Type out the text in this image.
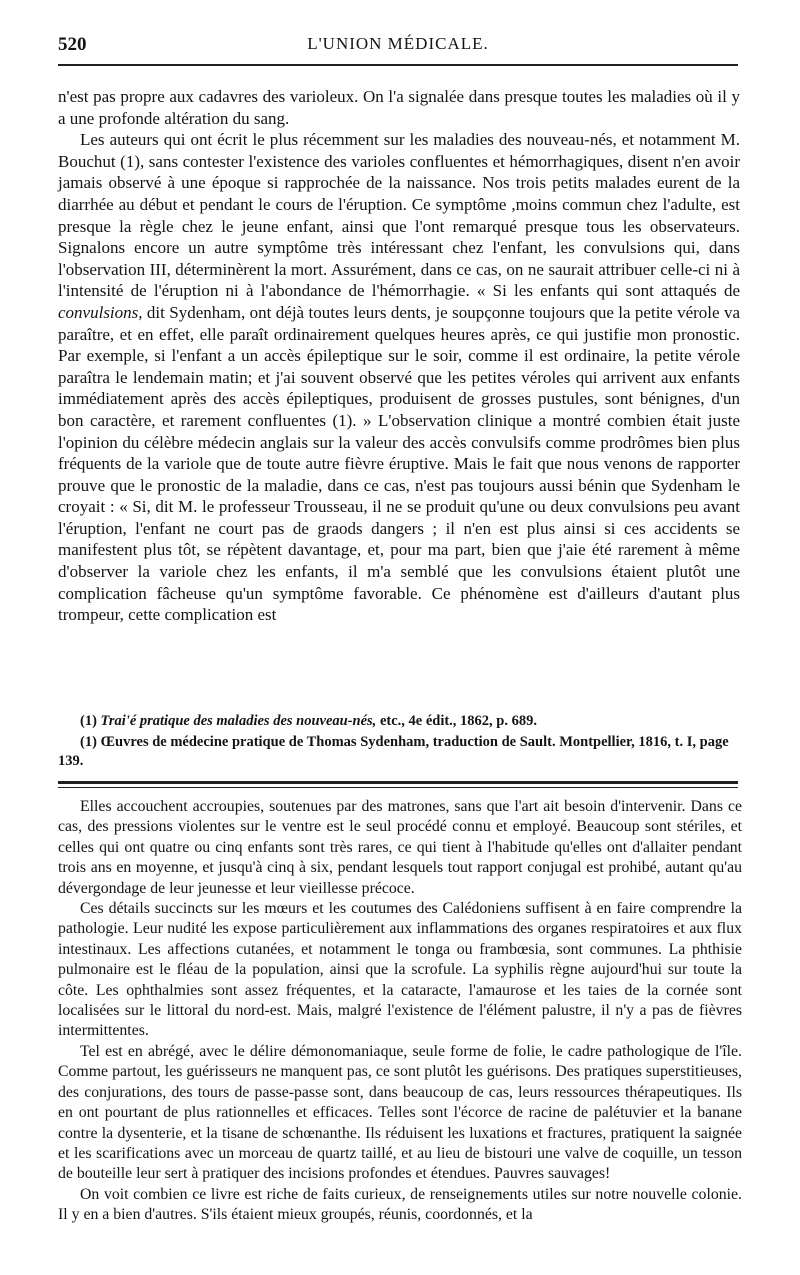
520	L'UNION MÉDICALE.

n'est pas propre aux cadavres des varioleux. On l'a signalée dans presque toutes les maladies où il y a une profonde altération du sang.

Les auteurs qui ont écrit le plus récemment sur les maladies des nouveau-nés, et notamment M. Bouchut (1), sans contester l'existence des varioles confluentes et hémorrhagiques, disent n'en avoir jamais observé à une époque si rapprochée de la naissance. Nos trois petits malades eurent de la diarrhée au début et pendant le cours de l'éruption. Ce symptôme ,moins commun chez l'adulte, est presque la règle chez le jeune enfant, ainsi que l'ont remarqué presque tous les observateurs. Signalons encore un autre symptôme très intéressant chez l'enfant, les convulsions qui, dans l'observation III, déterminèrent la mort. Assurément, dans ce cas, on ne saurait attribuer celle-ci ni à l'intensité de l'éruption ni à l'abondance de l'hémorrhagie. « Si les enfants qui sont attaqués de convulsions, dit Sydenham, ont déjà toutes leurs dents, je soupçonne toujours que la petite vérole va paraître, et en effet, elle paraît ordinairement quelques heures après, ce qui justifie mon pronostic. Par exemple, si l'enfant a un accès épileptique sur le soir, comme il est ordinaire, la petite vérole paraîtra le lendemain matin; et j'ai souvent observé que les petites véroles qui arrivent aux enfants immédiatement après des accès épileptiques, produisent de grosses pustules, sont bénignes, d'un bon caractère, et rarement confluentes (1). » L'observation clinique a montré combien était juste l'opinion du célèbre médecin anglais sur la valeur des accès convulsifs comme prodrômes bien plus fréquents de la variole que de toute autre fièvre éruptive. Mais le fait que nous venons de rapporter prouve que le pronostic de la maladie, dans ce cas, n'est pas toujours aussi bénin que Sydenham le croyait : « Si, dit M. le professeur Trousseau, il ne se produit qu'une ou deux convulsions peu avant l'éruption, l'enfant ne court pas de graods dangers ; il n'en est plus ainsi si ces accidents se manifestent plus tôt, se répètent davantage, et, pour ma part, bien que j'aie été rarement à même d'observer la variole chez les enfants, il m'a semblé que les convulsions étaient plutôt une complication fâcheuse qu'un symptôme favorable. Ce phénomène est d'ailleurs d'autant plus trompeur, cette complication est

(1) Trai'é pratique des maladies des nouveau-nés, etc., 4e édit., 1862, p. 689.

(1) Œuvres de médecine pratique de Thomas Sydenham, traduction de Sault. Montpellier, 1816, t. I, page 139.

Elles accouchent accroupies, soutenues par des matrones, sans que l'art ait besoin d'intervenir. Dans ce cas, des pressions violentes sur le ventre est le seul procédé connu et employé. Beaucoup sont stériles, et celles qui ont quatre ou cinq enfants sont très rares, ce qui tient à l'habitude qu'elles ont d'allaiter pendant trois ans en moyenne, et jusqu'à cinq à six, pendant lesquels tout rapport conjugal est prohibé, autant qu'au dévergondage de leur jeunesse et leur vieillesse précoce.

Ces détails succincts sur les mœurs et les coutumes des Calédoniens suffisent à en faire comprendre la pathologie. Leur nudité les expose particulièrement aux inflammations des organes respiratoires et aux flux intestinaux. Les affections cutanées, et notamment le tonga ou frambœsia, sont communes. La phthisie pulmonaire est le fléau de la population, ainsi que la scrofule. La syphilis règne aujourd'hui sur toute la côte. Les ophthalmies sont assez fréquentes, et la cataracte, l'amaurose et les taies de la cornée sont localisées sur le littoral du nord-est. Mais, malgré l'existence de l'élément palustre, il n'y a pas de fièvres intermittentes.

Tel est en abrégé, avec le délire démonomaniaque, seule forme de folie, le cadre pathologique de l'île. Comme partout, les guérisseurs ne manquent pas, ce sont plutôt les guérisons. Des pratiques superstitieuses, des conjurations, des tours de passe-passe sont, dans beaucoup de cas, leurs ressources thérapeutiques. Ils en ont pourtant de plus rationnelles et efficaces. Telles sont l'écorce de racine de palétuvier et la banane contre la dysenterie, et la tisane de schœnanthe. Ils réduisent les luxations et fractures, pratiquent la saignée et les scarifications avec un morceau de quartz taillé, et au lieu de bistouri une valve de coquille, un tesson de bouteille leur sert à pratiquer des incisions profondes et étendues. Pauvres sauvages!

On voit combien ce livre est riche de faits curieux, de renseignements utiles sur notre nouvelle colonie. Il y en a bien d'autres. S'ils étaient mieux groupés, réunis, coordonnés, et la
